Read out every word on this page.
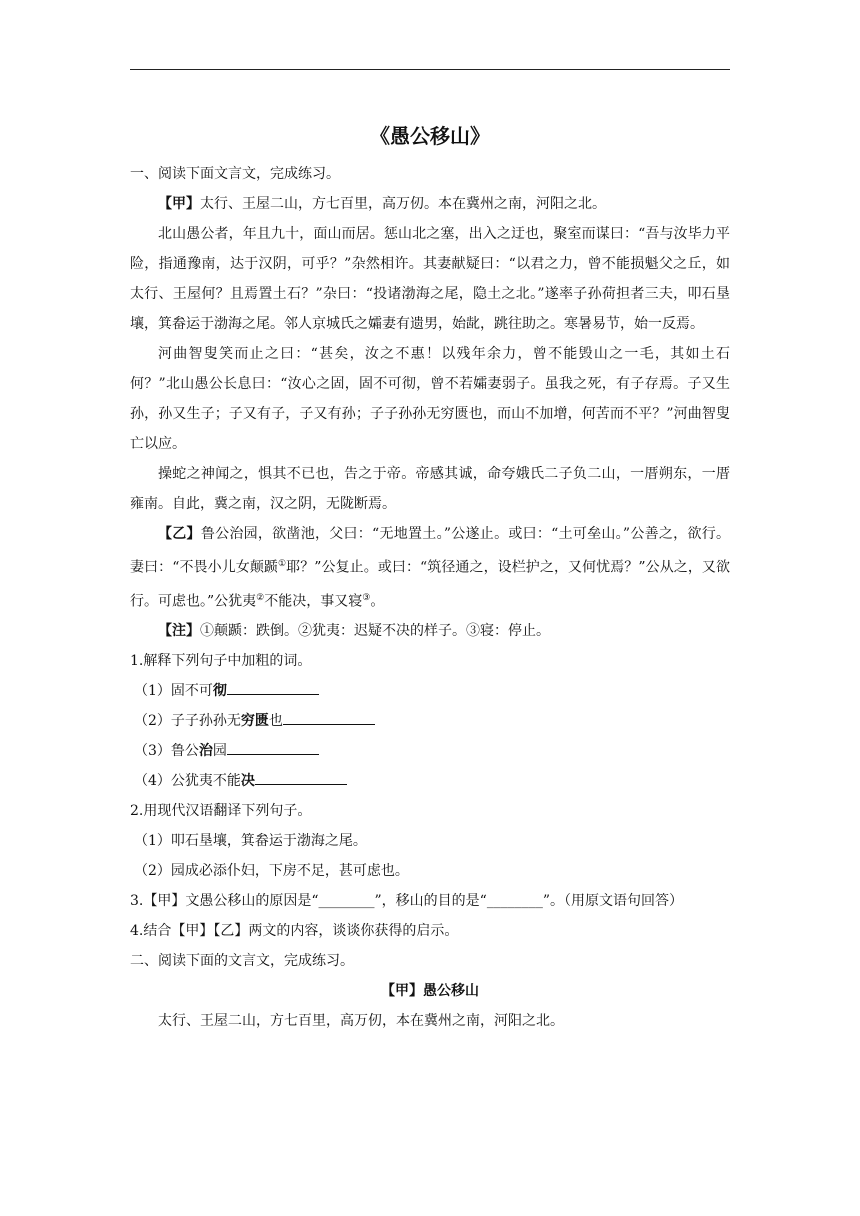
《愚公移山》

一、阅读下面文言文，完成练习。

【甲】太行、王屋二山，方七百里，高万仞。本在冀州之南，河阳之北。

北山愚公者，年且九十，面山而居。惩山北之塞，出入之迂也，聚室而谋曰：“吾与汝毕力平险，指通豫南，达于汉阴，可乎？”杂然相许。其妻献疑曰：“以君之力，曾不能损魁父之丘，如太行、王屋何？且焉置土石？”杂曰：“投诸渤海之尾，隐土之北。”遂率子孙荷担者三夫，叩石垦壤，箕畚运于渤海之尾。邻人京城氏之孀妻有遗男，始龀，跳往助之。寒暑易节，始一反焉。

河曲智叟笑而止之曰：“甚矣，汝之不惠！以残年余力，曾不能毁山之一毛，其如土石何？”北山愚公长息曰：“汝心之固，固不可彻，曾不若孀妻弱子。虽我之死，有子存焉。子又生孙，孙又生子；子又有子，子又有孙；子子孙孙无穷匮也，而山不加增，何苦而不平？”河曲智叟亡以应。

操蛇之神闻之，惧其不已也，告之于帝。帝感其诚，命夸娥氏二子负二山，一厝朔东，一厝雍南。自此，冀之南，汉之阴，无陇断焉。

【乙】鲁公治园，欲凿池，父曰：“无地置土。”公遂止。或曰：“土可垒山。”公善之，欲行。妻曰：“不畏小儿女颠踬①耶？”公复止。或曰：“筑径通之，设栏护之，又何忧焉？”公从之，又欲行。可虑也。”公犹夷②不能决，事又寝③。

【注】①颠踬：跌倒。②犹夷：迟疑不决的样子。③寝：停止。

1.解释下列句子中加粗的词。

（1）固不可彻

（2）子子孙孙无穷匮也

（3）鲁公治园

（4）公犹夷不能决

2.用现代汉语翻译下列句子。

（1）叩石垦壤，箕畚运于渤海之尾。

（2）园成必添仆妇，下房不足，甚可虑也。

3.【甲】文愚公移山的原因是“________”，移山的目的是“________”。（用原文语句回答）

4.结合【甲】【乙】两文的内容，谈谈你获得的启示。

二、阅读下面的文言文，完成练习。

【甲】愚公移山

太行、王屋二山，方七百里，高万仞，本在冀州之南，河阳之北。
